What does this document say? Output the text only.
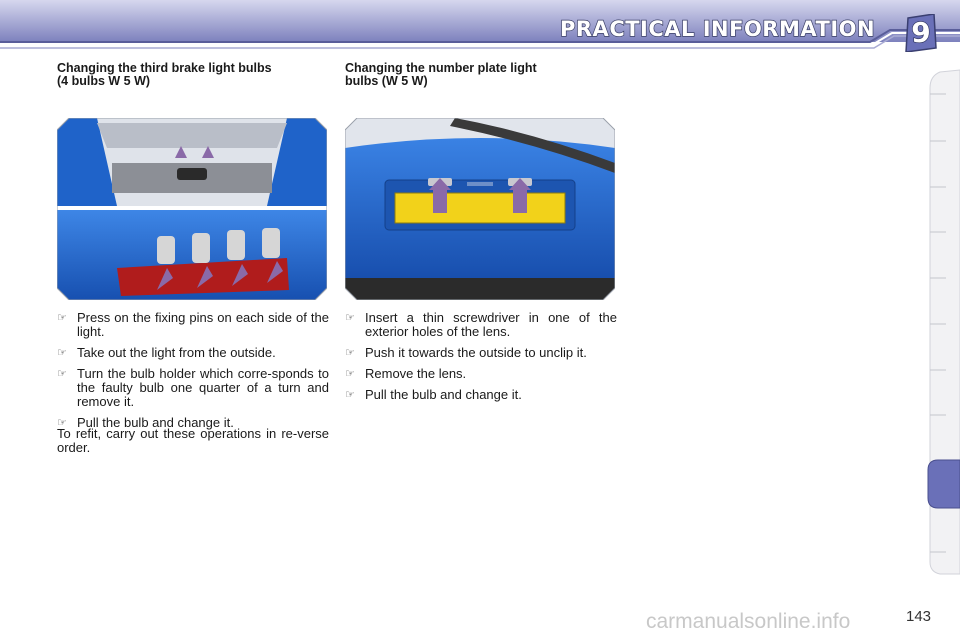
PRACTICAL INFORMATION 9

Changing the third brake light bulbs
(4 bulbs W 5 W)

Changing the number plate light
bulbs (W 5 W)

☞ Press on the fixing pins on each side of the light.
☞ Take out the light from the outside.
☞ Turn the bulb holder which corre-sponds to the faulty bulb one quarter of a turn and remove it.
☞ Pull the bulb and change it.
To refit, carry out these operations in re-verse order.
☞ Insert a thin screwdriver in one of the exterior holes of the lens.
☞ Push it towards the outside to unclip it.
☞ Remove the lens.
☞ Pull the bulb and change it.
143
carmanualsonline.info
